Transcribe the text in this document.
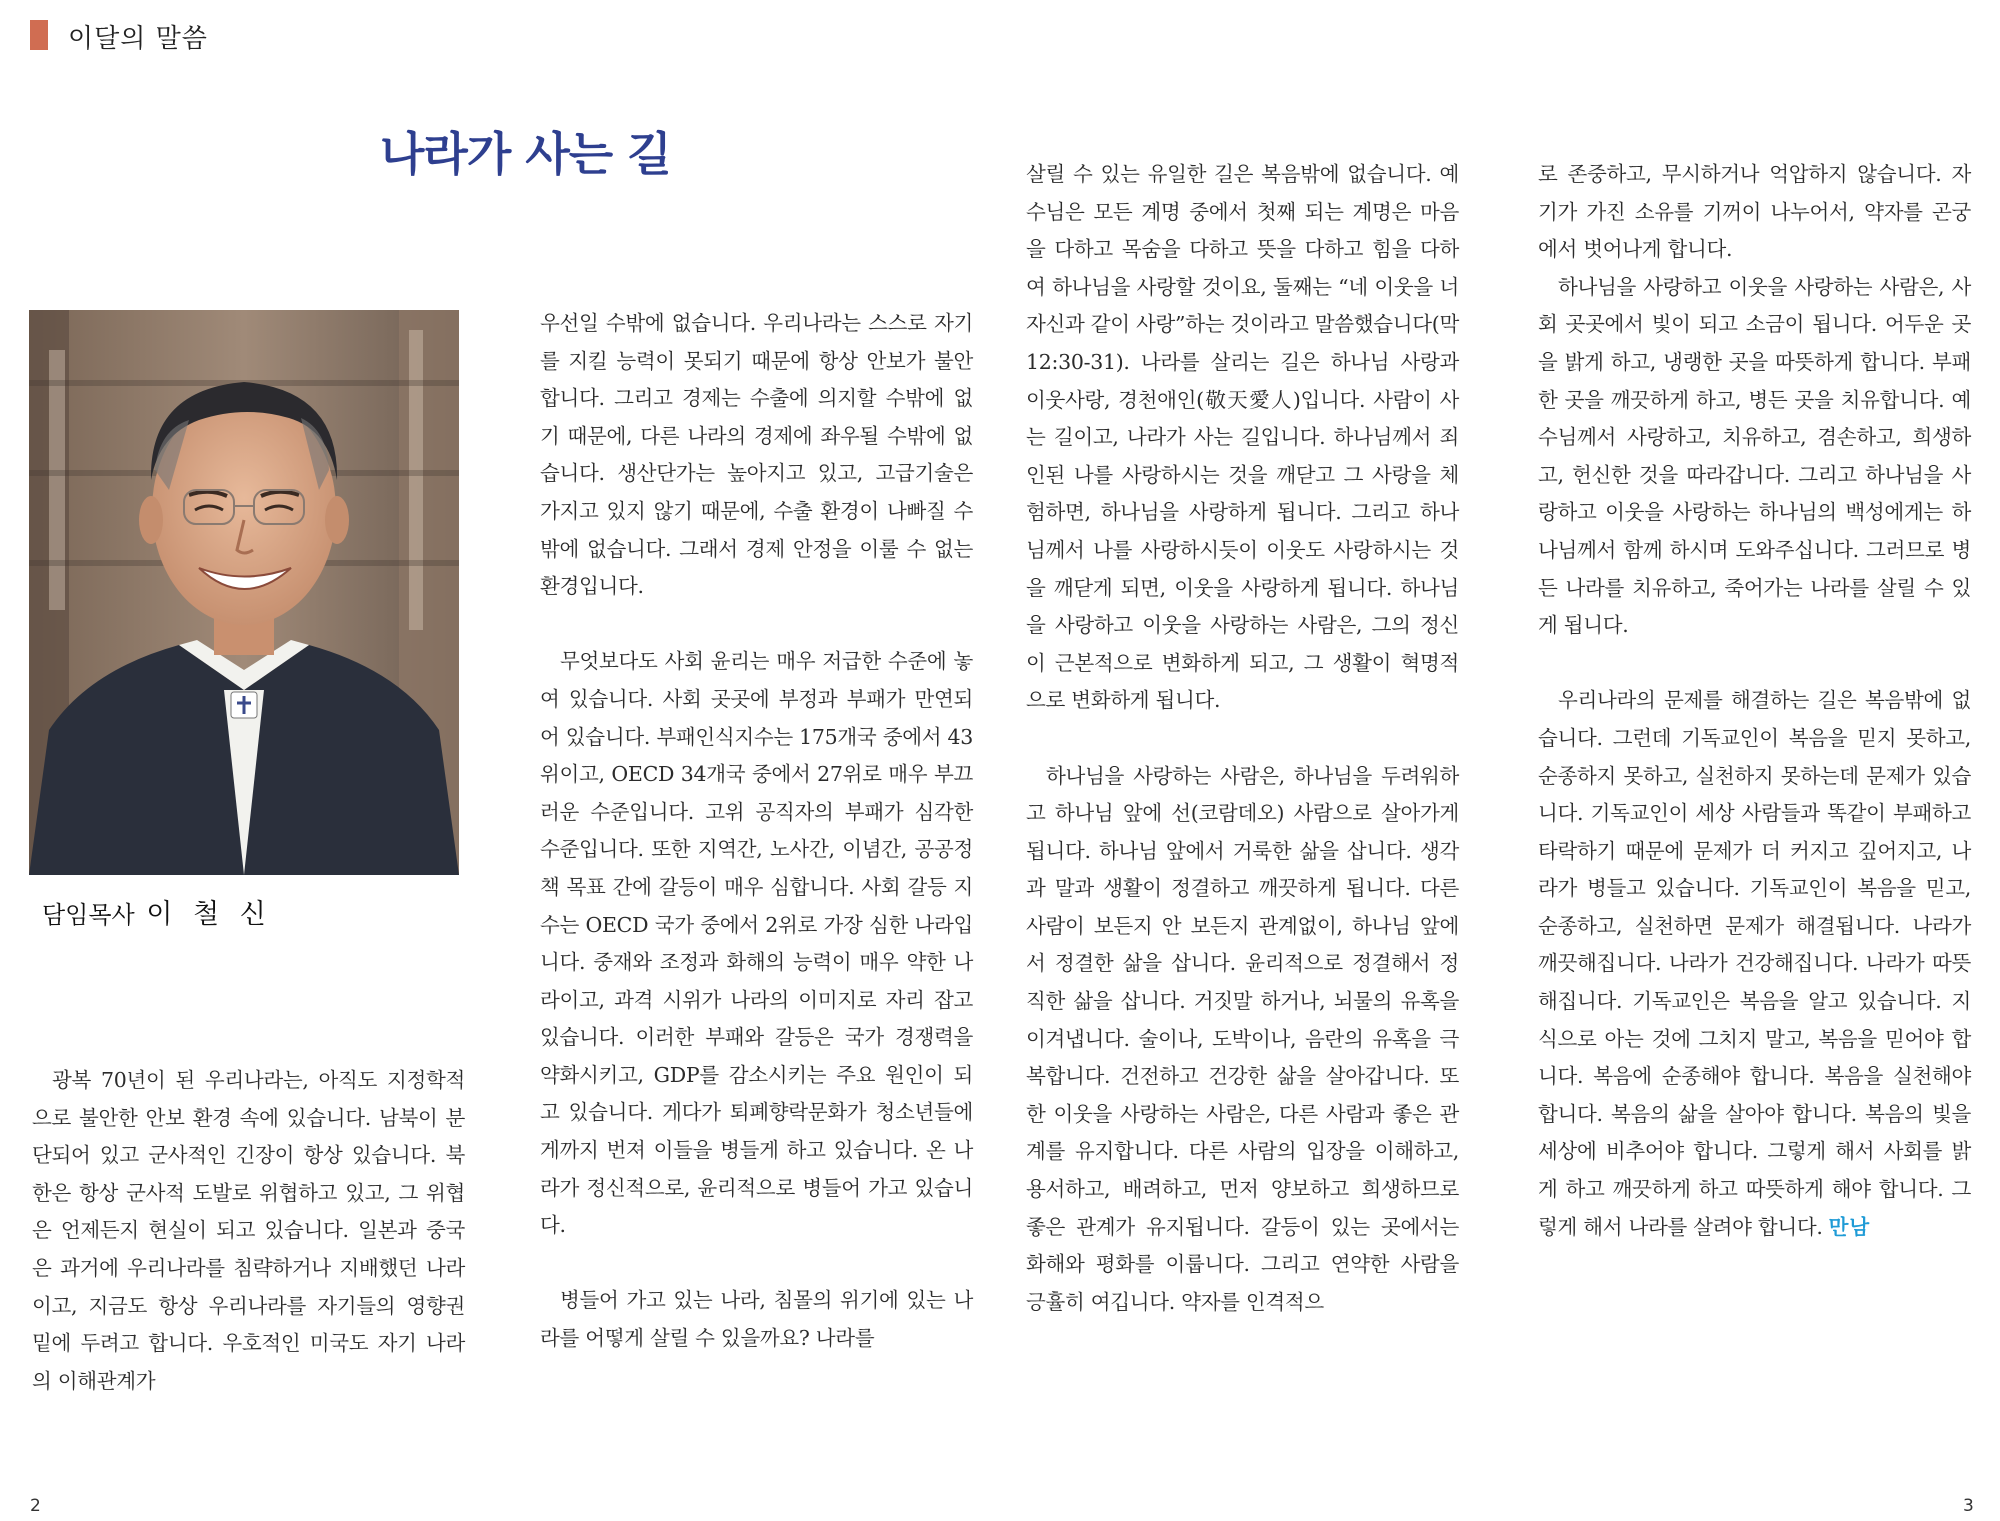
이달의 말씀
나라가 사는 길
담임목사 이 철 신

광복 70년이 된 우리나라는, 아직도 지정학적으로 불안한 안보 환경 속에 있습니다. 남북이 분단되어 있고 군사적인 긴장이 항상 있습니다. 북한은 항상 군사적 도발로 위협하고 있고, 그 위협은 언제든지 현실이 되고 있습니다. 일본과 중국은 과거에 우리나라를 침략하거나 지배했던 나라이고, 지금도 항상 우리나라를 자기들의 영향권 밑에 두려고 합니다. 우호적인 미국도 자기 나라의 이해관계가

우선일 수밖에 없습니다. 우리나라는 스스로 자기를 지킬 능력이 못되기 때문에 항상 안보가 불안합니다. 그리고 경제는 수출에 의지할 수밖에 없기 때문에, 다른 나라의 경제에 좌우될 수밖에 없습니다. 생산단가는 높아지고 있고, 고급기술은 가지고 있지 않기 때문에, 수출 환경이 나빠질 수밖에 없습니다. 그래서 경제 안정을 이룰 수 없는 환경입니다.

무엇보다도 사회 윤리는 매우 저급한 수준에 놓여 있습니다. 사회 곳곳에 부정과 부패가 만연되어 있습니다. 부패인식지수는 175개국 중에서 43위이고, OECD 34개국 중에서 27위로 매우 부끄러운 수준입니다. 고위 공직자의 부패가 심각한 수준입니다. 또한 지역간, 노사간, 이념간, 공공정책 목표 간에 갈등이 매우 심합니다. 사회 갈등 지수는 OECD 국가 중에서 2위로 가장 심한 나라입니다. 중재와 조정과 화해의 능력이 매우 약한 나라이고, 과격 시위가 나라의 이미지로 자리 잡고 있습니다. 이러한 부패와 갈등은 국가 경쟁력을 약화시키고, GDP를 감소시키는 주요 원인이 되고 있습니다. 게다가 퇴폐향락문화가 청소년들에게까지 번져 이들을 병들게 하고 있습니다. 온 나라가 정신적으로, 윤리적으로 병들어 가고 있습니다.

병들어 가고 있는 나라, 침몰의 위기에 있는 나라를 어떻게 살릴 수 있을까요? 나라를

살릴 수 있는 유일한 길은 복음밖에 없습니다. 예수님은 모든 계명 중에서 첫째 되는 계명은 마음을 다하고 목숨을 다하고 뜻을 다하고 힘을 다하여 하나님을 사랑할 것이요, 둘째는 “네 이웃을 너 자신과 같이 사랑”하는 것이라고 말씀했습니다(막 12:30-31). 나라를 살리는 길은 하나님 사랑과 이웃사랑, 경천애인(敬天愛人)입니다. 사람이 사는 길이고, 나라가 사는 길입니다. 하나님께서 죄인된 나를 사랑하시는 것을 깨닫고 그 사랑을 체험하면, 하나님을 사랑하게 됩니다. 그리고 하나님께서 나를 사랑하시듯이 이웃도 사랑하시는 것을 깨닫게 되면, 이웃을 사랑하게 됩니다. 하나님을 사랑하고 이웃을 사랑하는 사람은, 그의 정신이 근본적으로 변화하게 되고, 그 생활이 혁명적으로 변화하게 됩니다.

하나님을 사랑하는 사람은, 하나님을 두려워하고 하나님 앞에 선(코람데오) 사람으로 살아가게 됩니다. 하나님 앞에서 거룩한 삶을 삽니다. 생각과 말과 생활이 정결하고 깨끗하게 됩니다. 다른 사람이 보든지 안 보든지 관계없이, 하나님 앞에서 정결한 삶을 삽니다. 윤리적으로 정결해서 정직한 삶을 삽니다. 거짓말 하거나, 뇌물의 유혹을 이겨냅니다. 술이나, 도박이나, 음란의 유혹을 극복합니다. 건전하고 건강한 삶을 살아갑니다. 또한 이웃을 사랑하는 사람은, 다른 사람과 좋은 관계를 유지합니다. 다른 사람의 입장을 이해하고, 용서하고, 배려하고, 먼저 양보하고 희생하므로 좋은 관계가 유지됩니다. 갈등이 있는 곳에서는 화해와 평화를 이룹니다. 그리고 연약한 사람을 긍휼히 여깁니다. 약자를 인격적으

로 존중하고, 무시하거나 억압하지 않습니다. 자기가 가진 소유를 기꺼이 나누어서, 약자를 곤궁에서 벗어나게 합니다.

하나님을 사랑하고 이웃을 사랑하는 사람은, 사회 곳곳에서 빛이 되고 소금이 됩니다. 어두운 곳을 밝게 하고, 냉랭한 곳을 따뜻하게 합니다. 부패한 곳을 깨끗하게 하고, 병든 곳을 치유합니다. 예수님께서 사랑하고, 치유하고, 겸손하고, 희생하고, 헌신한 것을 따라갑니다. 그리고 하나님을 사랑하고 이웃을 사랑하는 하나님의 백성에게는 하나님께서 함께 하시며 도와주십니다. 그러므로 병든 나라를 치유하고, 죽어가는 나라를 살릴 수 있게 됩니다.

우리나라의 문제를 해결하는 길은 복음밖에 없습니다. 그런데 기독교인이 복음을 믿지 못하고, 순종하지 못하고, 실천하지 못하는데 문제가 있습니다. 기독교인이 세상 사람들과 똑같이 부패하고 타락하기 때문에 문제가 더 커지고 깊어지고, 나라가 병들고 있습니다. 기독교인이 복음을 믿고, 순종하고, 실천하면 문제가 해결됩니다. 나라가 깨끗해집니다. 나라가 건강해집니다. 나라가 따뜻해집니다. 기독교인은 복음을 알고 있습니다. 지식으로 아는 것에 그치지 말고, 복음을 믿어야 합니다. 복음에 순종해야 합니다. 복음을 실천해야 합니다. 복음의 삶을 살아야 합니다. 복음의 빛을 세상에 비추어야 합니다. 그렇게 해서 사회를 밝게 하고 깨끗하게 하고 따뜻하게 해야 합니다. 그렇게 해서 나라를 살려야 합니다. 만남

2	3
